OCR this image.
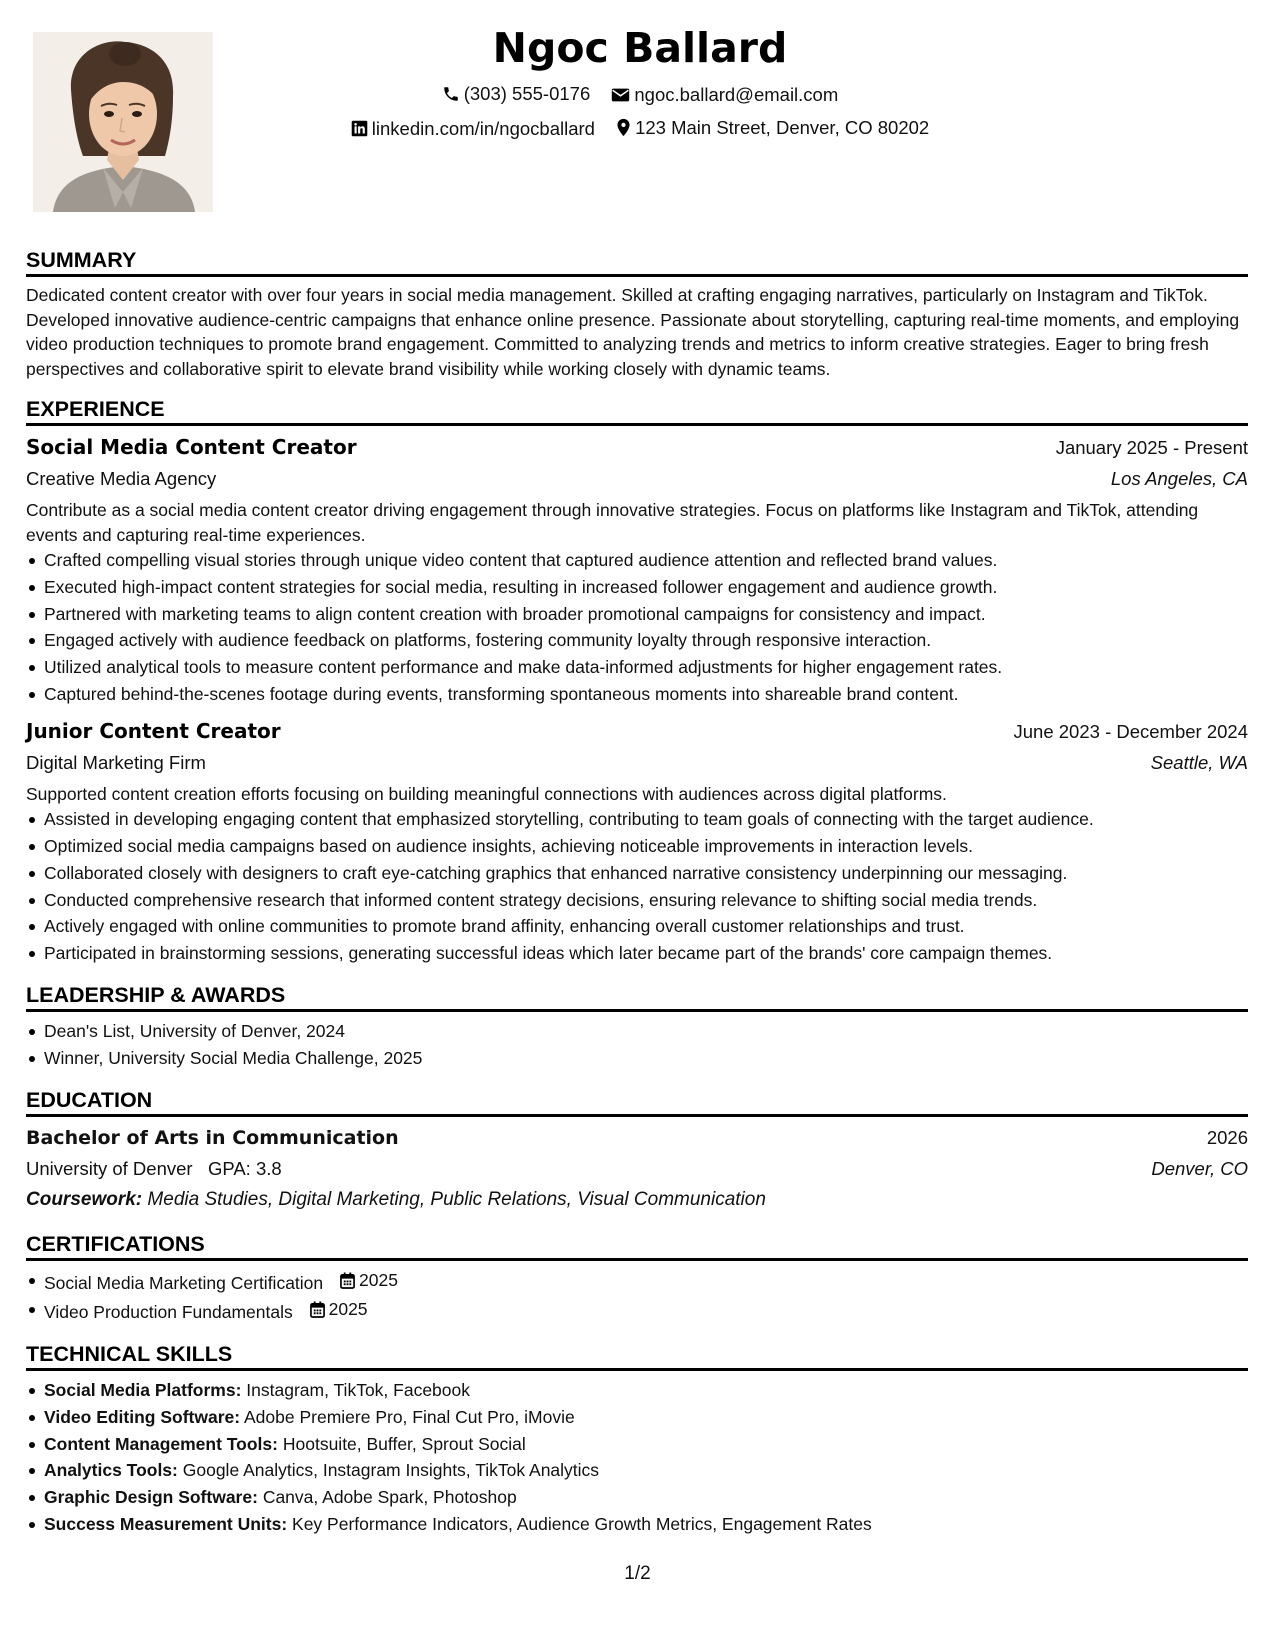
Ngoc Ballard
(303) 555-0176
ngoc.ballard@email.com
linkedin.com/in/ngocballard
123 Main Street, Denver, CO 80202
SUMMARY

Dedicated content creator with over four years in social media management. Skilled at crafting engaging narratives, particularly on Instagram and TikTok. Developed innovative audience-centric campaigns that enhance online presence. Passionate about storytelling, capturing real-time moments, and employing video production techniques to promote brand engagement. Committed to analyzing trends and metrics to inform creative strategies. Eager to bring fresh perspectives and collaborative spirit to elevate brand visibility while working closely with dynamic teams.

EXPERIENCE
Social Media Content Creator	January 2025 - Present
Creative Media Agency	Los Angeles, CA
Contribute as a social media content creator driving engagement through innovative strategies. Focus on platforms like Instagram and TikTok, attending events and capturing real-time experiences.
Crafted compelling visual stories through unique video content that captured audience attention and reflected brand values.
Executed high-impact content strategies for social media, resulting in increased follower engagement and audience growth.
Partnered with marketing teams to align content creation with broader promotional campaigns for consistency and impact.
Engaged actively with audience feedback on platforms, fostering community loyalty through responsive interaction.
Utilized analytical tools to measure content performance and make data-informed adjustments for higher engagement rates.
Captured behind-the-scenes footage during events, transforming spontaneous moments into shareable brand content.
Junior Content Creator	June 2023 - December 2024
Digital Marketing Firm	Seattle, WA
Supported content creation efforts focusing on building meaningful connections with audiences across digital platforms.
Assisted in developing engaging content that emphasized storytelling, contributing to team goals of connecting with the target audience.
Optimized social media campaigns based on audience insights, achieving noticeable improvements in interaction levels.
Collaborated closely with designers to craft eye-catching graphics that enhanced narrative consistency underpinning our messaging.
Conducted comprehensive research that informed content strategy decisions, ensuring relevance to shifting social media trends.
Actively engaged with online communities to promote brand affinity, enhancing overall customer relationships and trust.
Participated in brainstorming sessions, generating successful ideas which later became part of the brands' core campaign themes.
LEADERSHIP & AWARDS
Dean's List, University of Denver, 2024
Winner, University Social Media Challenge, 2025
EDUCATION
Bachelor of Arts in Communication	2026
University of Denver GPA: 3.8	Denver, CO
Coursework: Media Studies, Digital Marketing, Public Relations, Visual Communication
CERTIFICATIONS
Social Media Marketing Certification 2025
Video Production Fundamentals 2025
TECHNICAL SKILLS
Social Media Platforms: Instagram, TikTok, Facebook
Video Editing Software: Adobe Premiere Pro, Final Cut Pro, iMovie
Content Management Tools: Hootsuite, Buffer, Sprout Social
Analytics Tools: Google Analytics, Instagram Insights, TikTok Analytics
Graphic Design Software: Canva, Adobe Spark, Photoshop
Success Measurement Units: Key Performance Indicators, Audience Growth Metrics, Engagement Rates
1/2
